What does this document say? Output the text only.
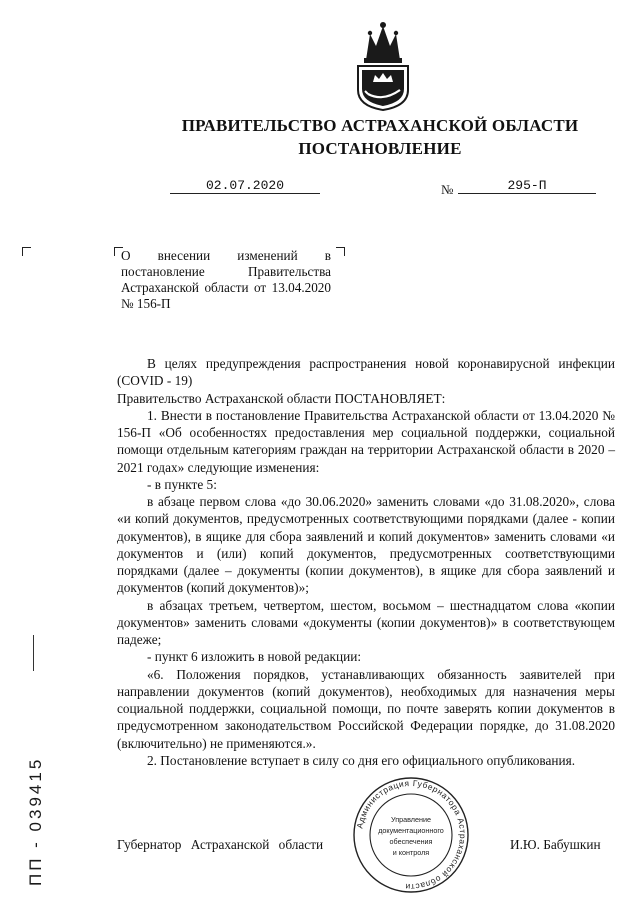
ПРАВИТЕЛЬСТВО АСТРАХАНСКОЙ ОБЛАСТИ
ПОСТАНОВЛЕНИЕ
02.07.2020	№	295-П
О внесении изменений в постановление Правительства Астраханской области от 13.04.2020 № 156-П

В целях предупреждения распространения новой коронавирусной инфекции (COVID - 19)

Правительство Астраханской области ПОСТАНОВЛЯЕТ:

1. Внести в постановление Правительства Астраханской области от 13.04.2020 № 156-П «Об особенностях предоставления мер социальной поддержки, социальной помощи отдельным категориям граждан на территории Астраханской области в 2020 – 2021 годах» следующие изменения:

- в пункте 5:

в абзаце первом слова «до 30.06.2020» заменить словами «до 31.08.2020», слова «и копий документов, предусмотренных соответствующими порядками (далее - копии документов), в ящике для сбора заявлений и копий документов» заменить словами «и документов и (или) копий документов, предусмотренных соответствующими порядками (далее – документы (копии документов), в ящике для сбора заявлений и документов (копий документов)»;

в абзацах третьем, четвертом, шестом, восьмом – шестнадцатом слова «копии документов» заменить словами «документы (копии документов)» в соответствующем падеже;

- пункт 6 изложить в новой редакции:

«6. Положения порядков, устанавливающих обязанность заявителей при направлении документов (копий документов), необходимых для назначения меры социальной поддержки, социальной помощи, по почте заверять копии документов в предусмотренном законодательством Российской Федерации порядке, до 31.08.2020 (включительно) не применяются.».

2. Постановление вступает в силу со дня его официального опубликования.

Губернатор Астраханской области	И.Ю. Бабушкин
Администрация Губернатора Астраханской области
Управление
документационного
обеспечения
и контроля
ПП - 039415
